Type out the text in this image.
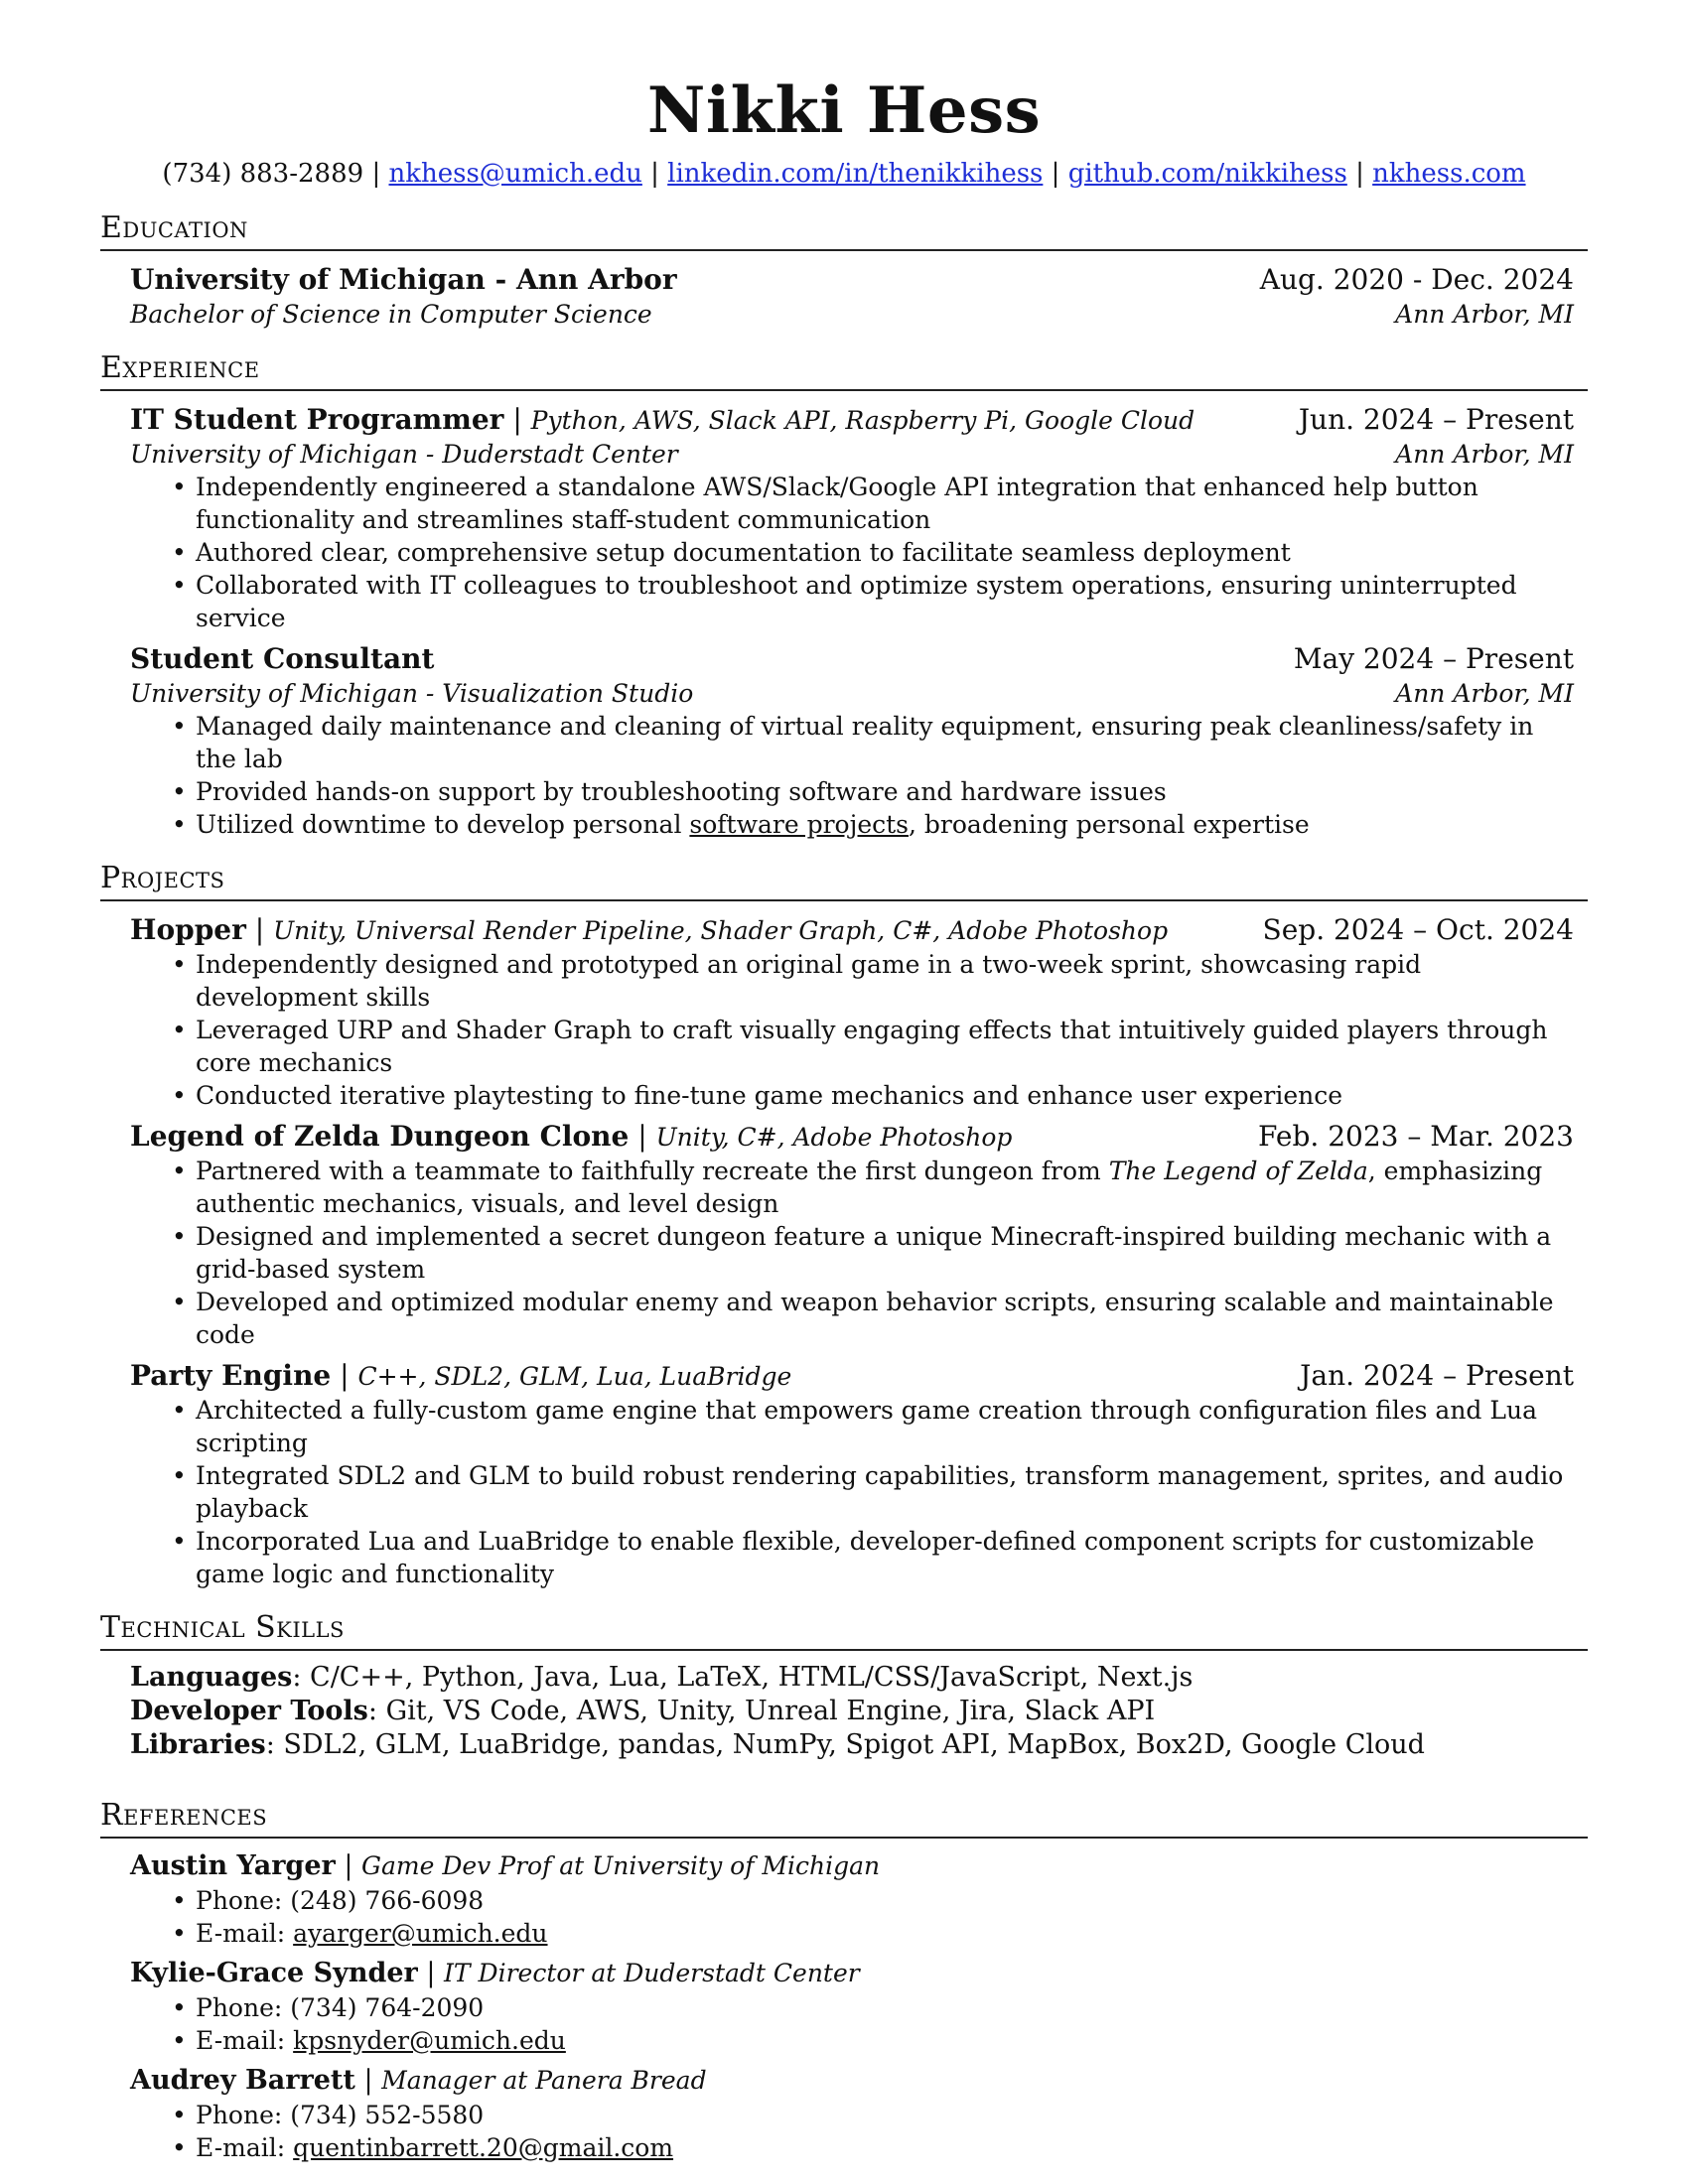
Nikki Hess
(734) 883-2889 | nkhess@umich.edu | linkedin.com/in/thenikkihess | github.com/nikkihess | nkhess.com
Education
University of Michigan - Ann Arbor	Aug. 2020 - Dec. 2024
Bachelor of Science in Computer Science	Ann Arbor, MI
Experience
IT Student Programmer | Python, AWS, Slack API, Raspberry Pi, Google Cloud	Jun. 2024 – Present
University of Michigan - Duderstadt Center	Ann Arbor, MI
• Independently engineered a standalone AWS/Slack/Google API integration that enhanced help button functionality and streamlines staff-student communication
• Authored clear, comprehensive setup documentation to facilitate seamless deployment
• Collaborated with IT colleagues to troubleshoot and optimize system operations, ensuring uninterrupted service
Student Consultant	May 2024 – Present
University of Michigan - Visualization Studio	Ann Arbor, MI
• Managed daily maintenance and cleaning of virtual reality equipment, ensuring peak cleanliness/safety in the lab
• Provided hands-on support by troubleshooting software and hardware issues
• Utilized downtime to develop personal software projects, broadening personal expertise
Projects
Hopper | Unity, Universal Render Pipeline, Shader Graph, C#, Adobe Photoshop	Sep. 2024 – Oct. 2024
• Independently designed and prototyped an original game in a two-week sprint, showcasing rapid development skills
• Leveraged URP and Shader Graph to craft visually engaging effects that intuitively guided players through core mechanics
• Conducted iterative playtesting to fine-tune game mechanics and enhance user experience
Legend of Zelda Dungeon Clone | Unity, C#, Adobe Photoshop	Feb. 2023 – Mar. 2023
• Partnered with a teammate to faithfully recreate the first dungeon from The Legend of Zelda, emphasizing authentic mechanics, visuals, and level design
• Designed and implemented a secret dungeon feature a unique Minecraft-inspired building mechanic with a grid-based system
• Developed and optimized modular enemy and weapon behavior scripts, ensuring scalable and maintainable code
Party Engine | C++, SDL2, GLM, Lua, LuaBridge	Jan. 2024 – Present
• Architected a fully-custom game engine that empowers game creation through configuration files and Lua scripting
• Integrated SDL2 and GLM to build robust rendering capabilities, transform management, sprites, and audio playback
• Incorporated Lua and LuaBridge to enable flexible, developer-defined component scripts for customizable game logic and functionality
Technical Skills
Languages: C/C++, Python, Java, Lua, LaTeX, HTML/CSS/JavaScript, Next.js
Developer Tools: Git, VS Code, AWS, Unity, Unreal Engine, Jira, Slack API
Libraries: SDL2, GLM, LuaBridge, pandas, NumPy, Spigot API, MapBox, Box2D, Google Cloud
References
Austin Yarger | Game Dev Prof at University of Michigan
• Phone: (248) 766-6098
• E-mail: ayarger@umich.edu
Kylie-Grace Synder | IT Director at Duderstadt Center
• Phone: (734) 764-2090
• E-mail: kpsnyder@umich.edu
Audrey Barrett | Manager at Panera Bread
• Phone: (734) 552-5580
• E-mail: quentinbarrett.20@gmail.com
